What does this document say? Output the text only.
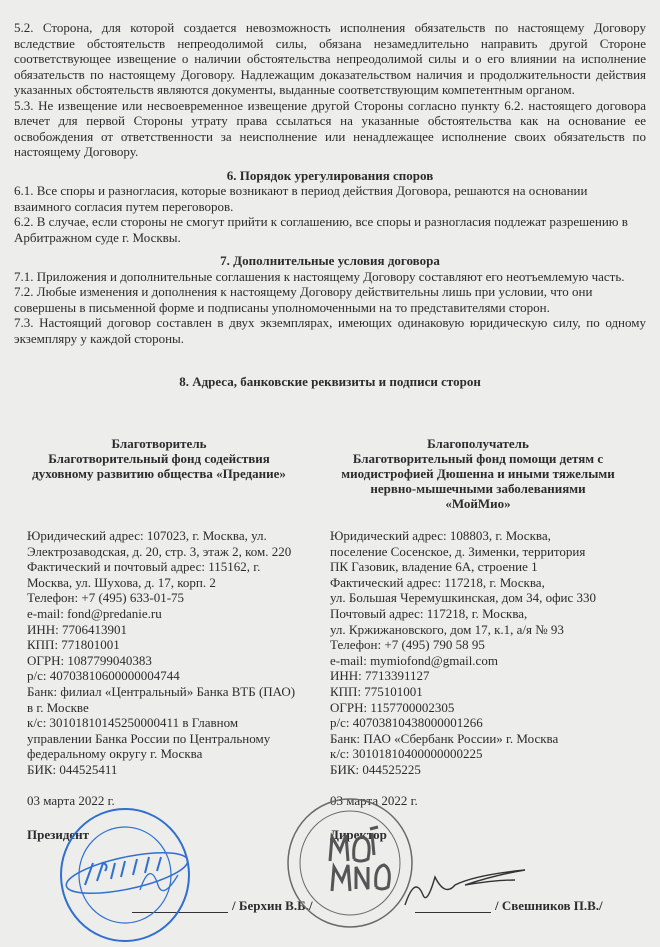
5.2. Сторона, для которой создается невозможность исполнения обязательств по настоящему Договору вследствие обстоятельств непреодолимой силы, обязана незамедлительно направить другой Стороне соответствующее извещение о наличии обстоятельства непреодолимой силы и о его влиянии на исполнение обязательств по настоящему Договору. Надлежащим доказательством наличия и продолжительности действия указанных обстоятельств являются документы, выданные соответствующим компетентным органом.

5.3. Не извещение или несвоевременное извещение другой Стороны согласно пункту 6.2. настоящего договора влечет для первой Стороны утрату права ссылаться на указанные обстоятельства как на основание ее освобождения от ответственности за неисполнение или ненадлежащее исполнение своих обязательств по настоящему Договору.

6. Порядок урегулирования споров

6.1. Все споры и разногласия, которые возникают в период действия Договора, решаются на основании взаимного согласия путем переговоров.

6.2. В случае, если стороны не смогут прийти к соглашению, все споры и разногласия подлежат разрешению в Арбитражном суде г. Москвы.

7. Дополнительные условия договора

7.1. Приложения и дополнительные соглашения к настоящему Договору составляют его неотъемлемую часть.

7.2. Любые изменения и дополнения к настоящему Договору действительны лишь при условии, что они совершены в письменной форме и подписаны уполномоченными на то представителями сторон.

7.3. Настоящий договор составлен в двух экземплярах, имеющих одинаковую юридическую силу, по одному экземпляру у каждой стороны.

8. Адреса, банковские реквизиты и подписи сторон

Благотворитель
Благотворительный фонд содействия
духовному развитию общества «Предание»
Благополучатель
Благотворительный фонд помощи детям с
миодистрофией Дюшенна и иными тяжелыми
нервно-мышечными заболеваниями
«МойМио»
Юридический адрес: 107023, г. Москва, ул.
Электрозаводская, д. 20, стр. 3, этаж 2, ком. 220
Фактический и почтовый адрес: 115162, г.
Москва, ул. Шухова, д. 17, корп. 2
Телефон: +7 (495) 633-01-75
e-mail: fond@predanie.ru
ИНН: 7706413901
КПП: 771801001
ОГРН: 1087799040383
р/с: 40703810600000004744
Банк: филиал «Центральный» Банка ВТБ (ПАО)
в г. Москве
к/с: 30101810145250000411 в Главном
управлении Банка России по Центральному
федеральному округу г. Москва
БИК: 044525411
Юридический адрес: 108803, г. Москва,
поселение Сосенское, д. Зименки, территория
ПК Газовик, владение 6А, строение 1
Фактический адрес: 117218, г. Москва,
ул. Большая Черемушкинская, дом 34, офис 330
Почтовый адрес: 117218, г. Москва,
ул. Кржижановского, дом 17, к.1, а/я № 93
Телефон: +7 (495) 790 58 95
e-mail: mymiofond@gmail.com
ИНН: 7713391127
КПП: 775101001
ОГРН: 1157700002305
р/с: 40703810438000001266
Банк: ПАО «Сбербанк России» г. Москва
к/с: 30101810400000000225
БИК: 044525225
03 марта 2022 г.	03 марта 2022 г.
Президент	Директор
/ Берхин В.Б./	/ Свешников П.В./
